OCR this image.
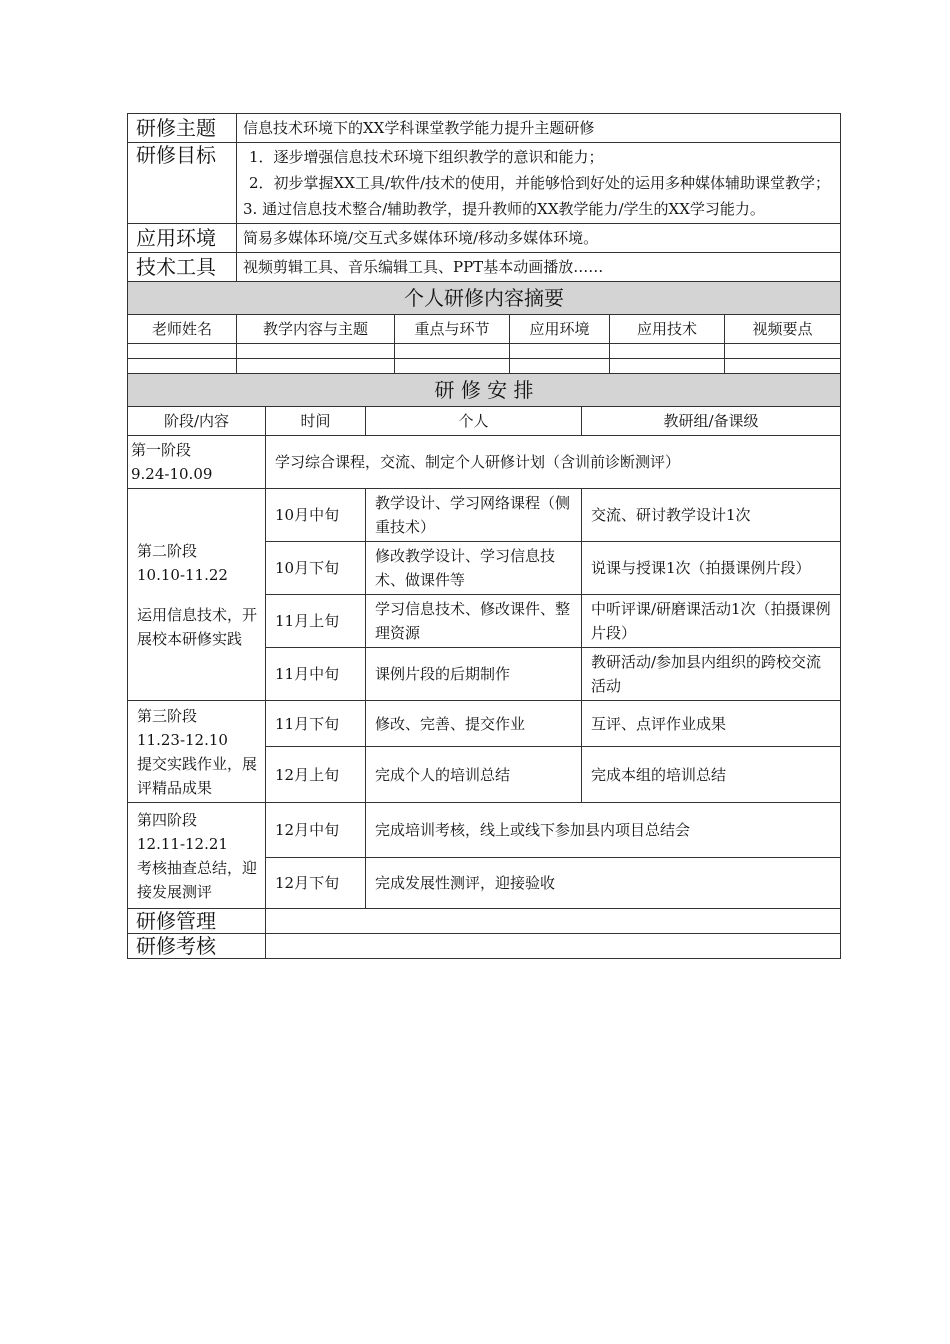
研修主题	信息技术环境下的XX学科课堂教学能力提升主题研修				
研修目标	1．逐步增强信息技术环境下组织教学的意识和能力；
2．初步掌握XX工具/软件/技术的使用，并能够恰到好处的运用多种媒体辅助课堂教学；
3. 通过信息技术整合/辅助教学，提升教师的XX教学能力/学生的XX学习能力。				

应用环境	简易多媒体环境/交互式多媒体环境/移动多媒体环境。				
技术工具	视频剪辑工具、音乐编辑工具、PPT基本动画播放……				
个人研修内容摘要					
老师姓名	教学内容与主题	重点与环节	应用环境	应用技术	视频要点

研 修 安 排			
阶段/内容	时间	个人	教研组/备课级

第一阶段
9.24-10.09	学习综合课程，交流、制定个人研修计划（含训前诊断测评）		

第二阶段
10.10-11.22
运用信息技术，开展校本研修实践	10月中旬	教学设计、学习网络课程（侧重技术）	交流、研讨教学设计1次
	10月下旬	修改教学设计、学习信息技术、做课件等	说课与授课1次（拍摄课例片段）
	11月上旬	学习信息技术、修改课件、整理资源	中听评课/研磨课活动1次（拍摄课例片段）
	11月中旬	课例片段的后期制作	教研活动/参加县内组织的跨校交流活动

第三阶段
11.23-12.10
提交实践作业，展评精品成果	11月下旬	修改、完善、提交作业	互评、点评作业成果
	12月上旬	完成个人的培训总结	完成本组的培训总结

第四阶段
12.11-12.21
考核抽查总结，迎接发展测评	12月中旬	完成培训考核，线上或线下参加县内项目总结会	
	12月下旬	完成发展性测评，迎接验收	
研修管理			
研修考核			
